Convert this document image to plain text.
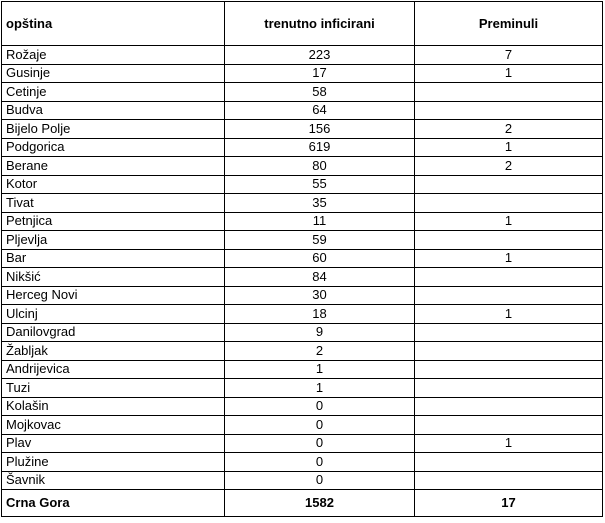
opština	trenutno inficirani	Preminuli
Rožaje	223	7
Gusinje	17	1
Cetinje	58	
Budva	64	
Bijelo Polje	156	2
Podgorica	619	1
Berane	80	2
Kotor	55	
Tivat	35	
Petnjica	11	1
Pljevlja	59	
Bar	60	1
Nikšić	84	
Herceg Novi	30	
Ulcinj	18	1
Danilovgrad	9	
Žabljak	2	
Andrijevica	1	
Tuzi	1	
Kolašin	0	
Mojkovac	0	
Plav	0	1
Plužine	0	
Šavnik	0	
Crna Gora	1582	17
